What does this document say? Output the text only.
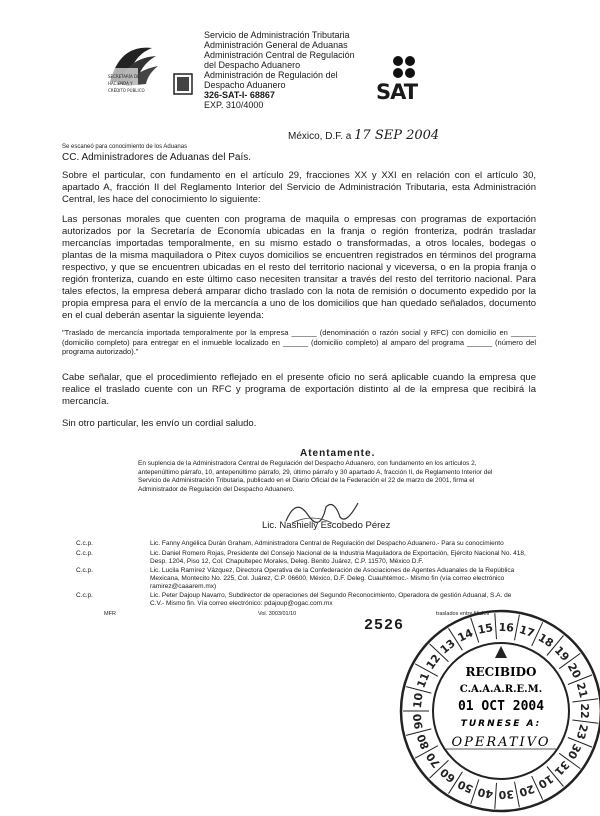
SECRETARÍA DE
HACIENDA Y
CRÉDITO PÚBLICO
Servicio de Administración Tributaria
Administración General de Aduanas
Administración Central de Regulación
del Despacho Aduanero
Administración de Regulación del
Despacho Aduanero
326-SAT-I- 68867
EXP. 310/4000
SAT
México, D.F. a 17 SEP 2004
Se escaneó para conocimiento de los Aduanas
CC. Administradores de Aduanas del País.
Sobre el particular, con fundamento en el artículo 29, fracciones XX y XXI en relación con el artículo 30, apartado A, fracción II del Reglamento Interior del Servicio de Administración Tributaria, esta Administración Central, les hace del conocimiento lo siguiente:
Las personas morales que cuenten con programa de maquila o empresas con programas de exportación autorizados por la Secretaría de Economía ubicadas en la franja o región fronteriza, podrán trasladar mercancías importadas temporalmente, en su mismo estado o transformadas, a otros locales, bodegas o plantas de la misma maquiladora o Pitex cuyos domicilios se encuentren registrados en términos del programa respectivo, y que se encuentren ubicadas en el resto del territorio nacional y viceversa, o en la propia franja o región fronteriza, cuando en este último caso necesiten transitar a través del resto del territorio nacional. Para tales efectos, la empresa deberá amparar dicho traslado con la nota de remisión o documento expedido por la propia empresa para el envío de la mercancía a uno de los domicilios que han quedado señalados, documento en el cual deberán asentar la siguiente leyenda:
"Traslado de mercancía importada temporalmente por la empresa ______ (denominación o razón social y RFC) con domicilio en ______ (domicilio completo) para entregar en el inmueble localizado en ______ (domicilio completo) al amparo del programa ______ (número del programa autorizado)."
Cabe señalar, que el procedimiento reflejado en el presente oficio no será aplicable cuando la empresa que realice el traslado cuente con un RFC y programa de exportación distinto al de la empresa que recibirá la mercancía.
Sin otro particular, les envío un cordial saludo.
Atentamente.
En suplencia de la Administradora Central de Regulación del Despacho Aduanero, con fundamento en los artículos 2, antepenúltimo párrafo, 10, antepenúltimo párrafo, 29, último párrafo y 30 apartado A, fracción II, de Reglamento Interior del Servicio de Administración Tributaria, publicado en el Diario Oficial de la Federación el 22 de marzo de 2001, firma el Administrador de Regulación del Despacho Aduanero.
Lic. Nashielly Escobedo Pérez
C.c.p.	Lic. Fanny Angélica Durán Graham, Administradora Central de Regulación del Despacho Aduanero.- Para su conocimiento
C.c.p.	Lic. Daniel Romero Rojas, Presidente del Consejo Nacional de la Industria Maquiladora de Exportación, Ejército Nacional No. 418, Desp. 1204, Piso 12, Col. Chapultepec Morales, Deleg. Benito Juárez, C.P. 11570, México D.F.
C.c.p.	Lic. Lucila Ramírez Vázquez, Directora Operativa de la Confederación de Asociaciones de Agentes Aduanales de la República Mexicana, Montecito No. 225, Col. Juárez, C.P. 06600, México, D.F. Deleg. Cuauhtémoc.- Mismo fin (vía correo electrónico ramirez@caaarem.mx)
C.c.p.	Lic. Peter Dajoup Navarro, Subdirector de operaciones del Segundo Reconocimiento, Operadora de gestión Aduanal, S.A. de C.V.- Mismo fin. Vía correo electrónico: pdajoup@ogac.com.mx
MFR	Vol. 3003/01/10	traslados entre filiales
2526
13
14 15 16 17 18
19
20
21
22
23
30
31
10
20
30
40
50
60
70
80
90
10
11
12
RECIBIDO
C.A.A.A.R.E.M.
01 OCT 2004
TURNESE A:
OPERATIVO
